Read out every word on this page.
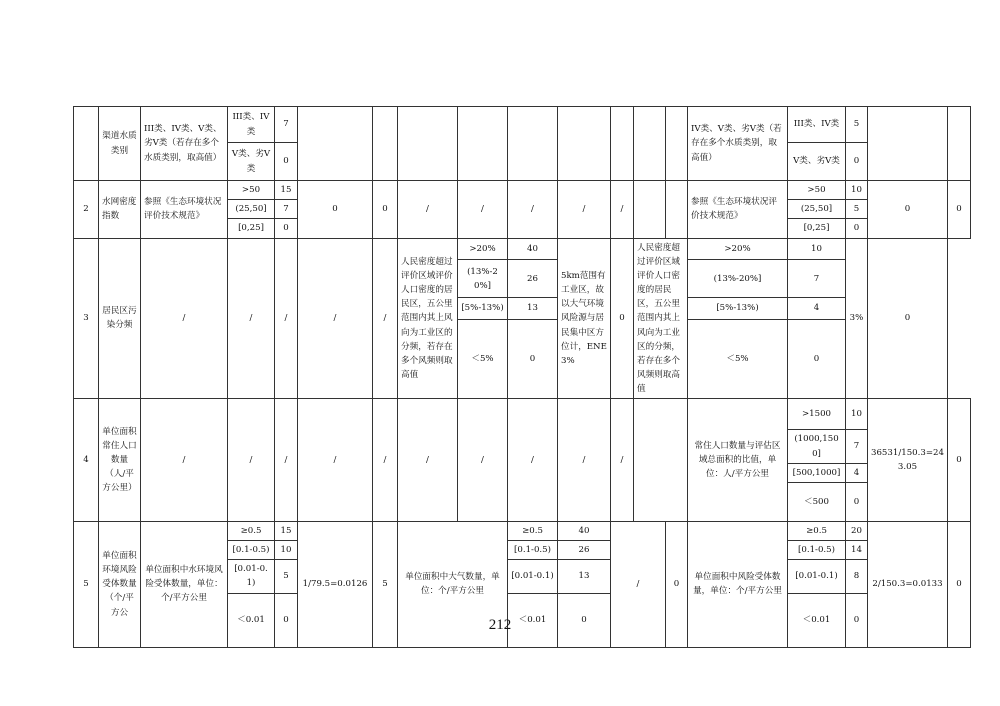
	渠道水质类别	III类、IV类、V类、劣V类（若存在多个水质类别，取高值）	III类、IV类	7										IV类、V类、劣V类（若存在多个水质类别，取高值）	III类、IV类	5		
			V类、劣V类	0											V类、劣V类	0		
2	水网密度指数	参照《生态环境状况评价技术规范》	>50	15	0	0	/	/	/	/	/			参照《生态环境状况评价技术规范》	>50	10	0	0
			(25,50]	7											(25,50]	5		
			[0,25]	0											[0,25]	0		
3	居民区污染分频	/	/	/	/	/	人民密度超过评价区域评价人口密度的居民区，五公里范围内其上风向为工业区的分频，若存在多个风频则取高值	>20%	40	5km范围有工业区，故以大气环境风险源与居民集中区方位计，ENE3%	0	人民密度超过评价区域评价人口密度的居民区，五公里范围内其上风向为工业区的分频，若存在多个风频则取高值		>20%	10	3%	0	
								(13%-20%]	26					(13%-20%]	7			
								[5%-13%)	13					[5%-13%)	4			
								＜5%	0					＜5%	0			
4	单位面积常住人口数量（人/平方公里）	/	/	/	/	/	/	/	/	/	/			常住人口数量与评估区域总面积的比值，单位：人/平方公里	>1500	10	36531/150.3=243.05	0
															(1000,1500]	7		
															[500,1000]	4		
															＜500	0		
5	单位面积环境风险受体数量（个/平方公	单位面积中水环境风险受体数量，单位：个/平方公里	≥0.5	15	1/79.5=0.0126	5	单位面积中大气数量，单位：个/平方公里		≥0.5	40	/		0	单位面积中风险受体数量，单位：个/平方公里	≥0.5	20	2/150.3=0.0133	0
			[0.1-0.5)	10					[0.1-0.5)	26					[0.1-0.5)	14		
			[0.01-0.1)	5					[0.01-0.1)	13					[0.01-0.1)	8		
			＜0.01	0					＜0.01	0					＜0.01	0		
212
